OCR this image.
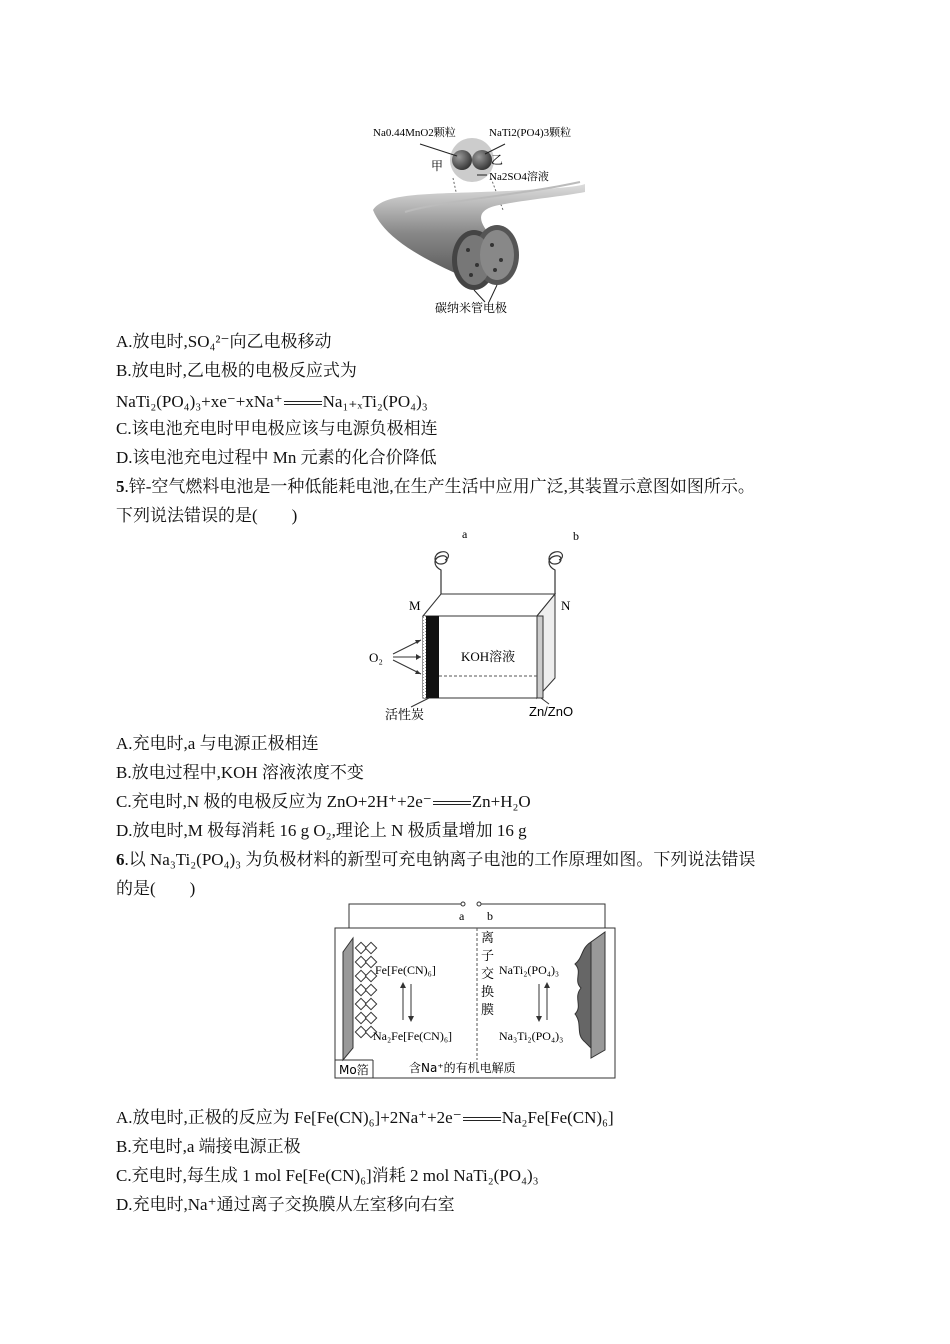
Na0.44MnO2颗粒	NaTi2(PO4)3颗粒
甲	乙
Na2SO4溶液
碳纳米管电极
A.放电时,SO₄²⁻向乙电极移动
B.放电时,乙电极的电极反应式为
NaTi₂(PO₄)₃+xe⁻+xNa⁺ Na₁₊ₓTi₂(PO₄)₃
C.该电池充电时甲电极应该与电源负极相连
D.该电池充电过程中 Mn 元素的化合价降低
5.锌-空气燃料电池是一种低能耗电池,在生产生活中应用广泛,其装置示意图如图所示。
下列说法错误的是(　　)
a	b
KOH溶液
M	N
O₂
活性炭	Zn/ZnO
A.充电时,a 与电源正极相连
B.放电过程中,KOH 溶液浓度不变
C.充电时,N 极的电极反应为 ZnO+2H⁺+2e⁻ Zn+H₂O
D.放电时,M 极每消耗 16 g O₂,理论上 N 极质量增加 16 g
6.以 Na₃Ti₂(PO₄)₃ 为负极材料的新型可充电钠离子电池的工作原理如图。下列说法错误
的是(　　)
a b
Fe[Fe(CN)₆]
Na₂Fe[Fe(CN)₆]
NaTi₂(PO₄)₃
Na₃Ti₂(PO₄)₃
离
子
交
换
膜
Mo箔	含Na⁺的有机电解质
A.放电时,正极的反应为 Fe[Fe(CN)₆]+2Na⁺+2e⁻ Na₂Fe[Fe(CN)₆]
B.充电时,a 端接电源正极
C.充电时,每生成 1 mol Fe[Fe(CN)₆]消耗 2 mol NaTi₂(PO₄)₃
D.充电时,Na⁺通过离子交换膜从左室移向右室
